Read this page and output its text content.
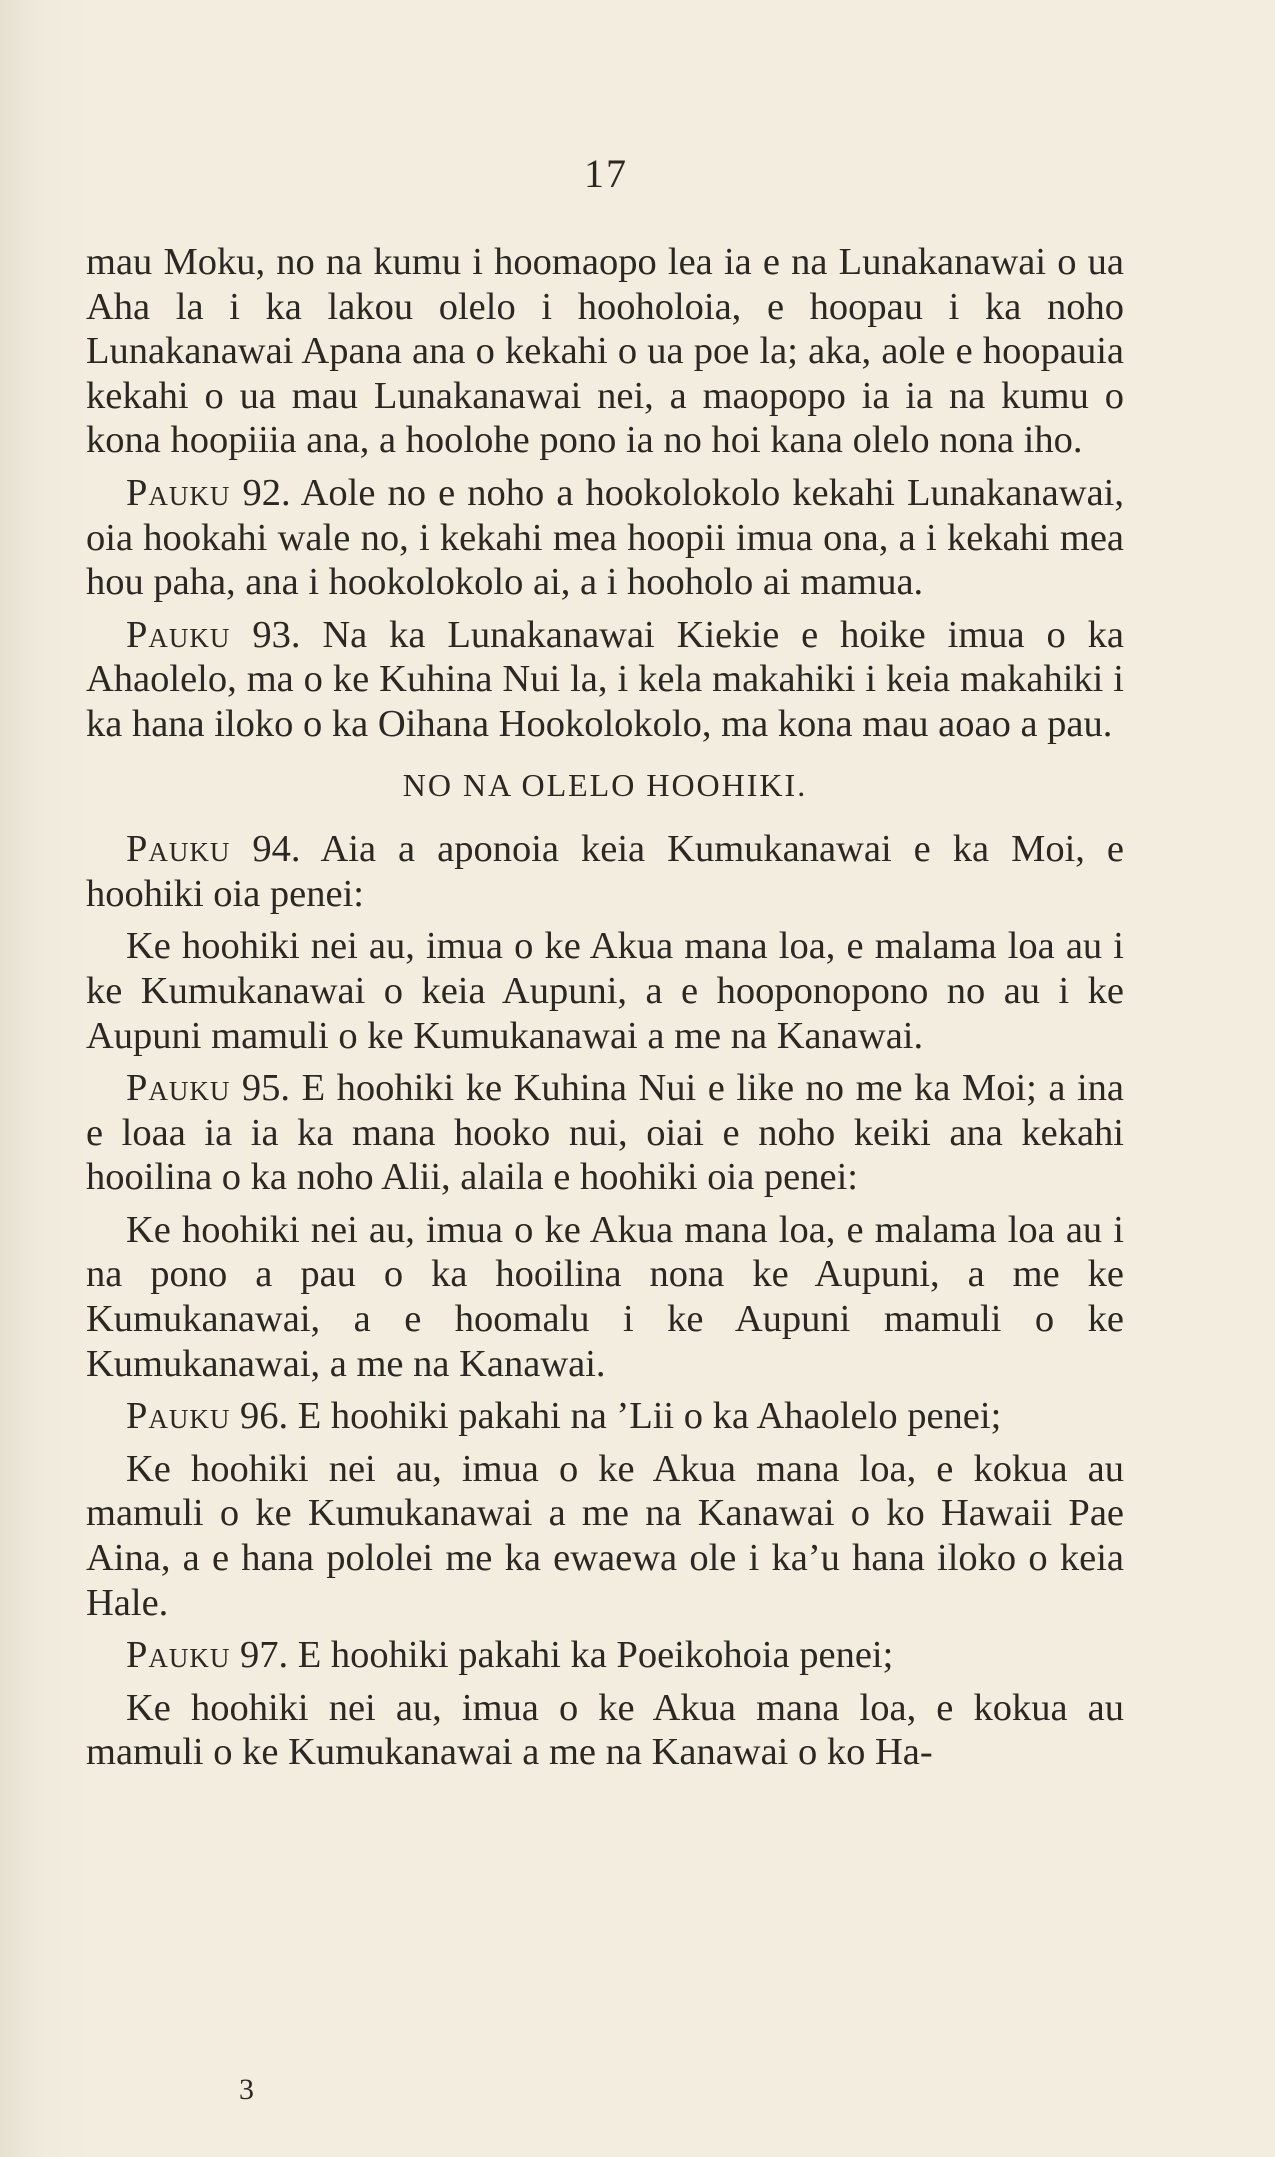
17

mau Moku, no na kumu i hoomaopo lea ia e na Lunakanawai o ua Aha la i ka lakou olelo i hooholoia, e hoopau i ka noho Lunakanawai Apana ana o kekahi o ua poe la; aka, aole e hoopauia kekahi o ua mau Lunakanawai nei, a maopopo ia ia na kumu o kona hoopiiia ana, a hoolohe pono ia no hoi kana olelo nona iho.

Pauku 92. Aole no e noho a hookolokolo kekahi Lunakanawai, oia hookahi wale no, i kekahi mea hoopii imua ona, a i kekahi mea hou paha, ana i hookolokolo ai, a i hooholo ai mamua.

Pauku 93. Na ka Lunakanawai Kiekie e hoike imua o ka Ahaolelo, ma o ke Kuhina Nui la, i kela makahiki i keia makahiki i ka hana iloko o ka Oihana Hookolokolo, ma kona mau aoao a pau.

NO NA OLELO HOOHIKI.

Pauku 94. Aia a aponoia keia Kumukanawai e ka Moi, e hoohiki oia penei:

Ke hoohiki nei au, imua o ke Akua mana loa, e malama loa au i ke Kumukanawai o keia Aupuni, a e hooponopono no au i ke Aupuni mamuli o ke Kumukanawai a me na Kanawai.

Pauku 95. E hoohiki ke Kuhina Nui e like no me ka Moi; a ina e loaa ia ia ka mana hooko nui, oiai e noho keiki ana kekahi hooilina o ka noho Alii, alaila e hoohiki oia penei:

Ke hoohiki nei au, imua o ke Akua mana loa, e malama loa au i na pono a pau o ka hooilina nona ke Aupuni, a me ke Kumukanawai, a e hoomalu i ke Aupuni mamuli o ke Kumukanawai, a me na Kanawai.

Pauku 96. E hoohiki pakahi na ’Lii o ka Ahaolelo penei;

Ke hoohiki nei au, imua o ke Akua mana loa, e kokua au mamuli o ke Kumukanawai a me na Kanawai o ko Hawaii Pae Aina, a e hana pololei me ka ewaewa ole i ka’u hana iloko o keia Hale.

Pauku 97. E hoohiki pakahi ka Poeikohoia penei;

Ke hoohiki nei au, imua o ke Akua mana loa, e kokua au mamuli o ke Kumukanawai a me na Kanawai o ko Ha-

3
